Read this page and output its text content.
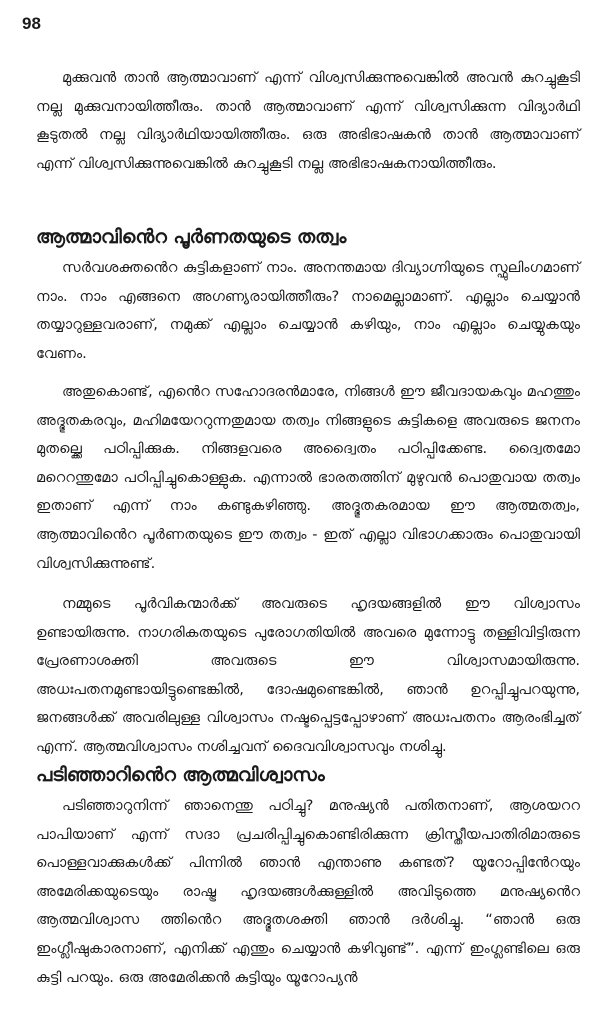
98

മുക്കുവൻ താൻ ആത്മാവാണ് എന്ന് വിശ്വസിക്കുന്നുവെങ്കിൽ അവൻ കുറച്ചുകൂടി നല്ല മുക്കുവനായിത്തീരും. താൻ ആത്മാവാണ് എന്ന് വിശ്വസിക്കുന്ന വിദ്യാർഥി കൂടുതൽ നല്ല വിദ്യാർഥിയായിത്തീരും. ഒരു അഭിഭാഷകൻ താൻ ആത്മാവാണ് എന്ന് വിശ്വസിക്കുന്നുവെങ്കിൽ കുറച്ചുകൂടി നല്ല അഭിഭാഷകനായിത്തീരും.

ആത്മാവിൻെറ പൂർണതയുടെ തത്വം

സർവശക്തൻെറ കുട്ടികളാണ് നാം. അനന്തമായ ദിവ്യാഗ്നിയുടെ സ്ഫുലിംഗമാണ് നാം. നാം എങ്ങനെ അഗണ്യരായിത്തീരും? നാമെല്ലാമാണ്. എല്ലാം ചെയ്യാൻ തയ്യാറുള്ളവരാണ്, നമുക്ക് എല്ലാം ചെയ്യാൻ കഴിയും, നാം എല്ലാം ചെയ്യുകയും വേണം.

അതുകൊണ്ട്, എൻെറ സഹോദരൻമാരേ, നിങ്ങൾ ഈ ജീവദായകവും മഹത്തും അദ്ഭുതകരവും, മഹിമയേററുന്നതുമായ തത്വം നിങ്ങളുടെ കുട്ടികളെ അവരുടെ ജനനം മുതല്ക്കെ പഠിപ്പിക്കുക. നിങ്ങളവരെ അദ്വൈതം പഠിപ്പിക്കേണ്ട. ദ്വൈതമോ മറെറന്തുമോ പഠിപ്പിച്ചുകൊള്ളുക. എന്നാൽ ഭാരതത്തിന് മുഴുവൻ പൊതുവായ തത്വം ഇതാണ് എന്ന് നാം കണ്ടുകഴിഞ്ഞു. അദ്ഭുതകരമായ ഈ ആത്മതത്വം, ആത്മാവിൻെറ പൂർണതയുടെ ഈ തത്വം - ഇത് എല്ലാ വിഭാഗക്കാരും പൊതുവായി വിശ്വസിക്കുന്നുണ്ട്.

നമ്മുടെ പൂർവികന്മാർക്ക് അവരുടെ ഹൃദയങ്ങളിൽ ഈ വിശ്വാസം ഉണ്ടായിരുന്നു. നാഗരികതയുടെ പുരോഗതിയിൽ അവരെ മുന്നോട്ടു തള്ളിവിട്ടിരുന്ന പ്രേരണാശക്തി അവരുടെ ഈ വിശ്വാസമായിരുന്നു. അധഃപതനമുണ്ടായിട്ടുണ്ടെങ്കിൽ, ദോഷമുണ്ടെങ്കിൽ, ഞാൻ ഉറപ്പിച്ചുപറയുന്നു, ജനങ്ങൾക്ക് അവരിലുള്ള വിശ്വാസം നഷ്ടപ്പെട്ടപ്പോഴാണ് അധഃപതനം ആരംഭിച്ചത് എന്ന്. ആത്മവിശ്വാസം നശിച്ചവന് ദൈവവിശ്വാസവും നശിച്ചു.

പടിഞ്ഞാറിൻെറ ആത്മവിശ്വാസം

പടിഞ്ഞാറുനിന്ന് ഞാനെന്തു പഠിച്ചു? മനുഷ്യൻ പതിതനാണ്, ആശയററ പാപിയാണ് എന്ന് സദാ പ്രചരിപ്പിച്ചുകൊണ്ടിരിക്കുന്ന ക്രിസ്തീയപാതിരിമാരുടെ പൊള്ളവാക്കുകൾക്ക് പിന്നിൽ ഞാൻ എന്താണു കണ്ടത്? യൂറോപ്പിൻേറയും അമേരിക്കയുടെയും രാഷ്ട്ര ഹൃദയങ്ങൾക്കുള്ളിൽ അവിടുത്തെ മനുഷ്യൻെറ ആത്മവിശ്വാസ ത്തിൻെറ അദ്ഭുതശക്തി ഞാൻ ദർശിച്ചു. “ഞാൻ ഒരു ഇംഗ്ലീഷുകാരനാണ്, എനിക്ക് എന്തും ചെയ്യാൻ കഴിവുണ്ട്”. എന്ന് ഇംഗ്ലണ്ടിലെ ഒരു കുട്ടി പറയും. ഒരു അമേരിക്കൻ കുട്ടിയും യൂറോപ്യൻ
